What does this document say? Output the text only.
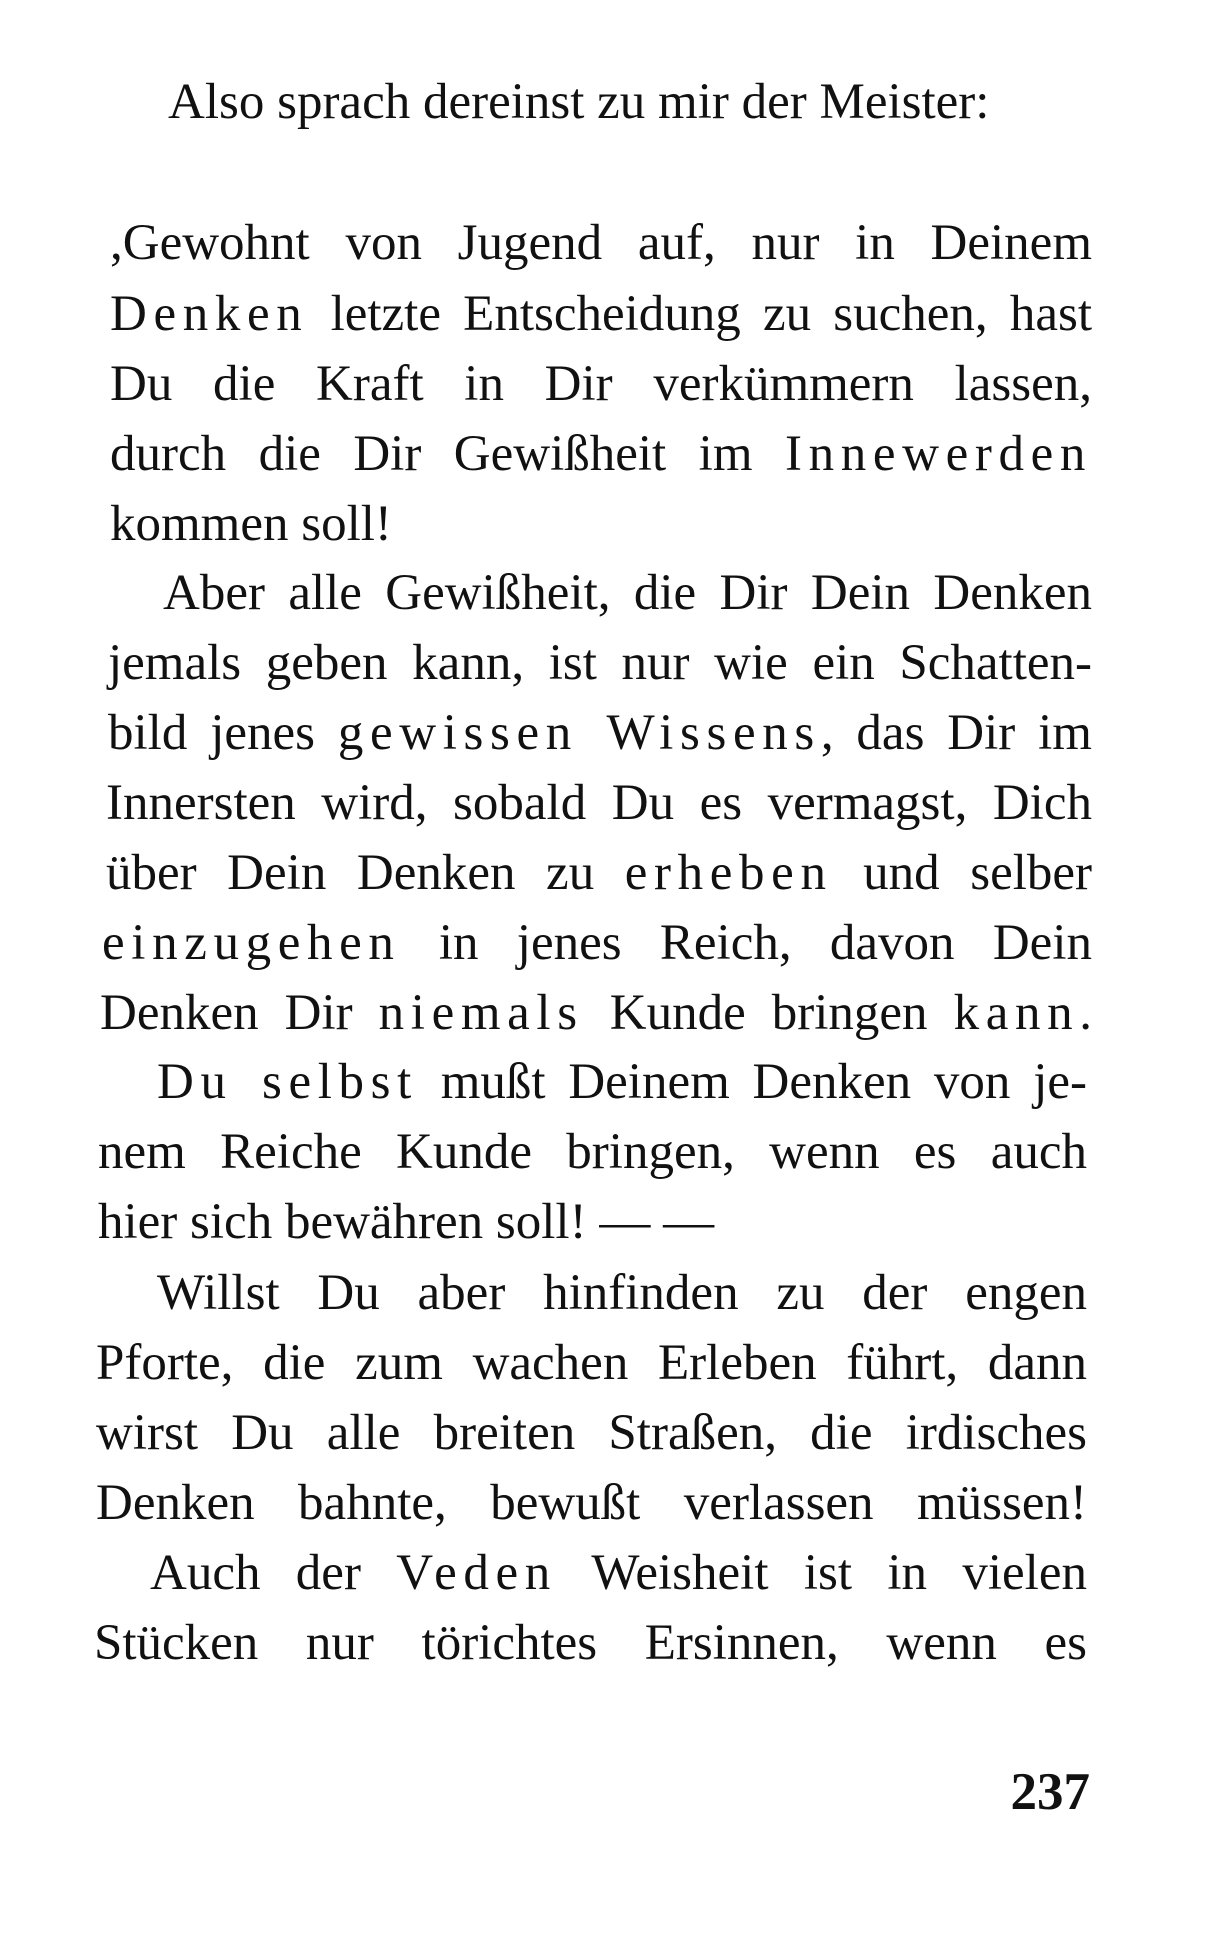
Also sprach dereinst zu mir der Meister:
,Gewohnt von Jugend auf, nur in Deinem
Denken letzte Entscheidung zu suchen, hast
Du die Kraft in Dir verkümmern lassen,
durch die Dir Gewißheit im Innewerden
kommen soll!
Aber alle Gewißheit, die Dir Dein Denken
jemals geben kann, ist nur wie ein Schatten-
bild jenes gewissen Wissens, das Dir im
Innersten wird, sobald Du es vermagst, Dich
über Dein Denken zu erheben und selber
einzugehen in jenes Reich, davon Dein
Denken Dir niemals Kunde bringen kann.
Du selbst mußt Deinem Denken von je-
nem Reiche Kunde bringen, wenn es auch
hier sich bewähren soll! — —
Willst Du aber hinfinden zu der engen
Pforte, die zum wachen Erleben führt, dann
wirst Du alle breiten Straßen, die irdisches
Denken bahnte, bewußt verlassen müssen!
Auch der Veden Weisheit ist in vielen
Stücken nur törichtes Ersinnen, wenn es
237
